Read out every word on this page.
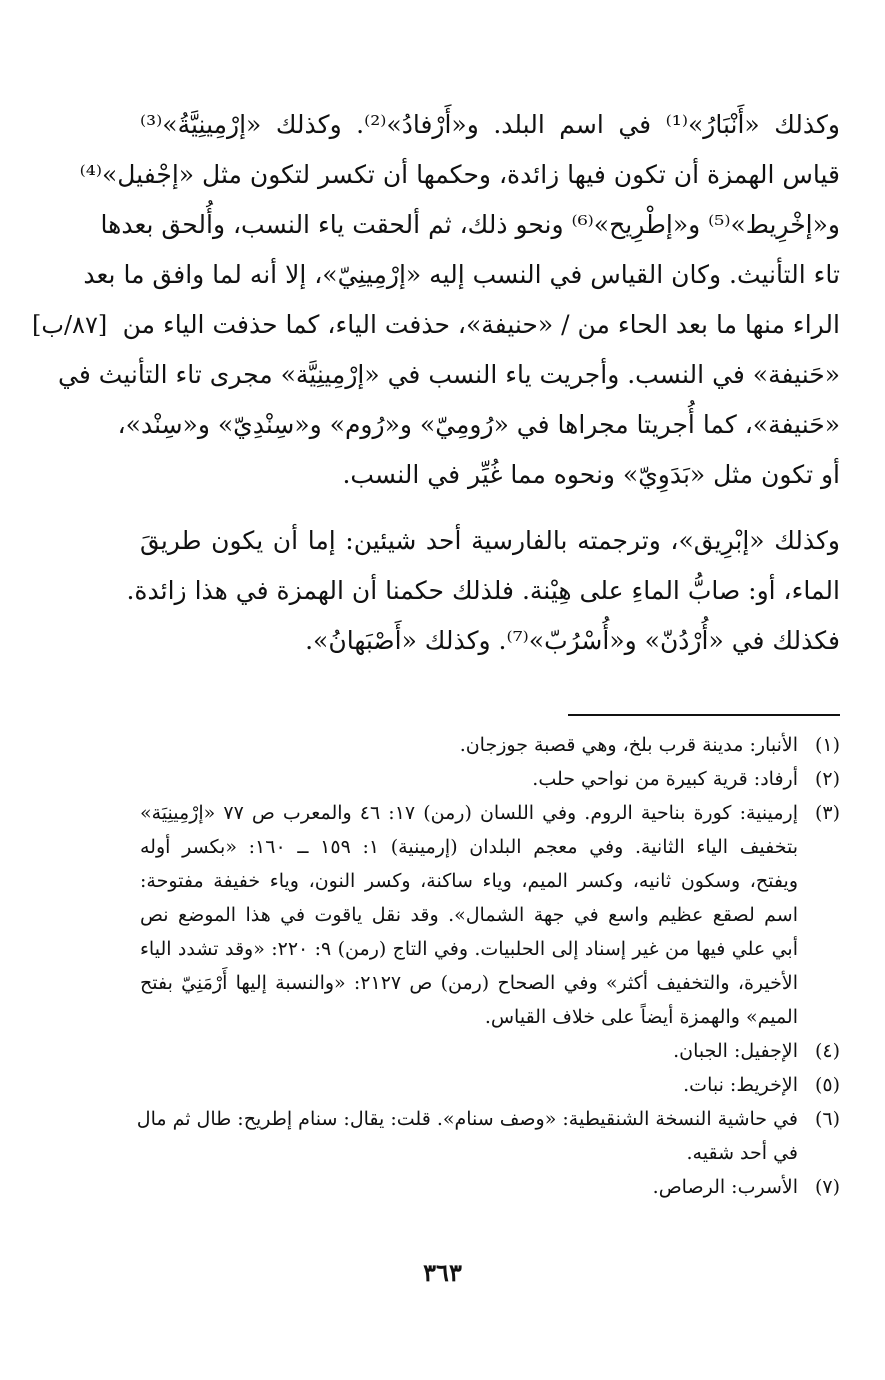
وكذلك «أَنْبَارُ»⁽¹⁾ في اسم البلد. و«أَرْفادُ»⁽²⁾. وكذلك «إرْمِينِيَّةُ»⁽³⁾
قياس الهمزة أن تكون فيها زائدة، وحكمها أن تكسر لتكون مثل «إجْفيل»⁽⁴⁾
و«إخْرِيط»⁽⁵⁾ و«إطْرِيح»⁽⁶⁾ ونحو ذلك، ثم ألحقت ياء النسب، وأُلحق بعدها
تاء التأنيث. وكان القياس في النسب إليه «إرْمِينِيّ»، إلا أنه لما وافق ما بعد
الراء منها ما بعد الحاء من / «حنيفة»، حذفت الياء، كما حذفت الياء من
«حَنيفة» في النسب. وأجريت ياء النسب في «إرْمِينِيَّة» مجرى تاء التأنيث في
«حَنيفة»، كما أُجريتا مجراها في «رُومِيّ» و«رُوم» و«سِنْدِيّ» و«سِنْد»،
أو تكون مثل «بَدَوِيّ» ونحوه مما غُيِّر في النسب.
[٨٧/ب]
وكذلك «إبْرِيق»، وترجمته بالفارسية أحد شيئين: إما أن يكون طريقَ
الماء، أو: صابُّ الماءِ على هِيْنة. فلذلك حكمنا أن الهمزة في هذا زائدة.
فكذلك في «أُرْدُنّ» و«أُسْرُبّ»⁽⁷⁾. وكذلك «أَصْبَهانُ».
(١)
الأنبار: مدينة قرب بلخ، وهي قصبة جوزجان.
(٢)
أرفاد: قرية كبيرة من نواحي حلب.
(٣)
إرمينية: كورة بناحية الروم. وفي اللسان (رمن) ١٧: ٤٦ والمعرب ص ٧٧ «إرْمِينِيَة»
بتخفيف الياء الثانية. وفي معجم البلدان (إرمينية) ١: ١٥٩ ــ ١٦٠: «بكسر أوله
ويفتح، وسكون ثانيه، وكسر الميم، وياء ساكنة، وكسر النون، وياء خفيفة مفتوحة:
اسم لصقع عظيم واسع في جهة الشمال». وقد نقل ياقوت في هذا الموضع نص
أبي علي فيها من غير إسناد إلى الحلبيات. وفي التاج (رمن) ٩: ٢٢٠: «وقد تشدد الياء
الأخيرة، والتخفيف أكثر» وفي الصحاح (رمن) ص ٢١٢٧: «والنسبة إليها أَرْمَنِيّ بفتح
الميم» والهمزة أيضاً على خلاف القياس.
(٤)
الإجفيل: الجبان.
(٥)
الإخريط: نبات.
(٦)
في حاشية النسخة الشنقيطية: «وصف سنام». قلت: يقال: سنام إطريح: طال ثم مال
في أحد شقيه.
(٧)
الأسرب: الرصاص.
٣٦٣
